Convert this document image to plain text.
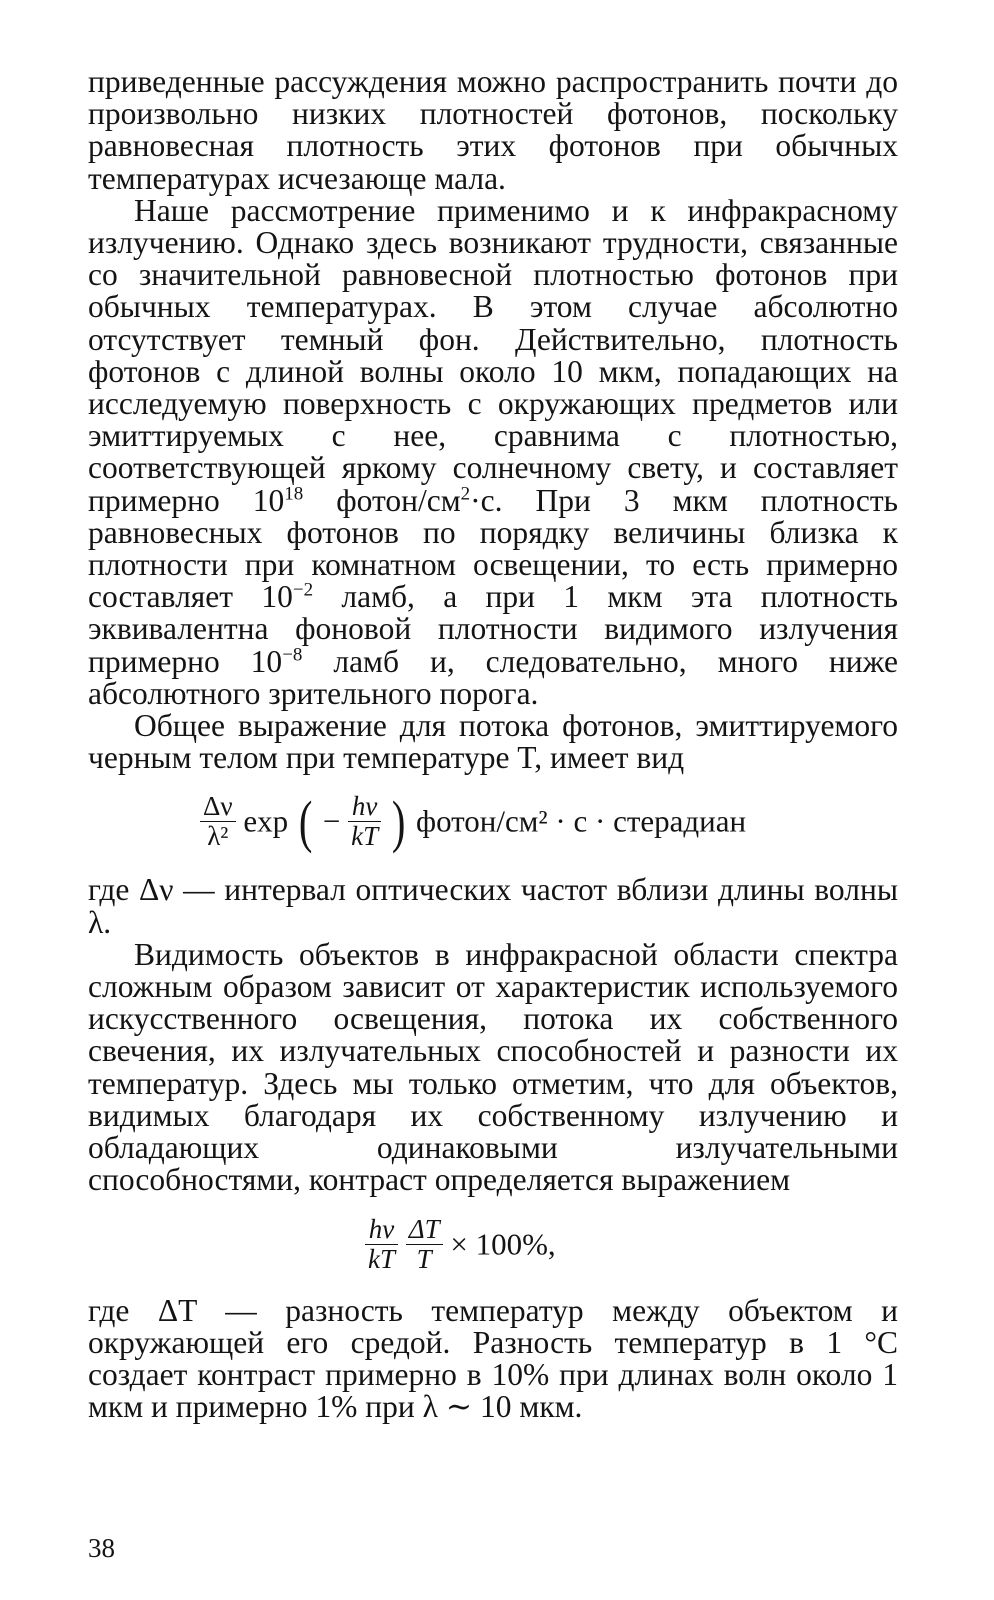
приведенные рассуждения можно распространить почти до произвольно низких плотностей фотонов, поскольку равновесная плотность этих фотонов при обычных температурах исчезающе мала.

Наше рассмотрение применимо и к инфракрасному излучению. Однако здесь возникают трудности, связанные со значительной равновесной плотностью фотонов при обычных температурах. В этом случае абсолютно отсутствует темный фон. Действительно, плотность фотонов с длиной волны около 10 мкм, попадающих на исследуемую поверхность с окружающих предметов или эмиттируемых с нее, сравнима с плотностью, соответствующей яркому солнечному свету, и составляет примерно $10^{18}$ фотон/$см^2\cdot с$. При 3 мкм плотность равновесных фотонов по порядку величины близка к плотности при комнатном освещении, то есть примерно составляет $10^{-2}$ ламб, а при 1 мкм эта плотность эквивалентна фоновой плотности видимого излучения примерно $10^{-8}$ ламб и, следовательно, много ниже абсолютного зрительного порога.

Общее выражение для потока фотонов, эмиттируемого черным телом при температуре T, имеет вид

$\frac{\Delta\nu}{\text{λ²}}$ exp ( − $\frac{h\nu}{kT}$ ) фотон/см² · с · стерадиан

где Δν — интервал оптических частот вблизи длины волны λ.

Видимость объектов в инфракрасной области спектра сложным образом зависит от характеристик используемого искусственного освещения, потока их собственного свечения, их излучательных способностей и разности их температур. Здесь мы только отметим, что для объектов, видимых благодаря их собственному излучению и обладающих одинаковыми излучательными способностями, контраст определяется выражением

$\frac{h\nu}{kT}$
$\frac{\Delta T}{T} \times 100\%$,

где ΔT — разность температур между объектом и окружающей его средой. Разность температур в 1 °С создает контраст примерно в 10% при длинах волн около 1 мкм и примерно 1% при λ ∼ 10 мкм.

38
